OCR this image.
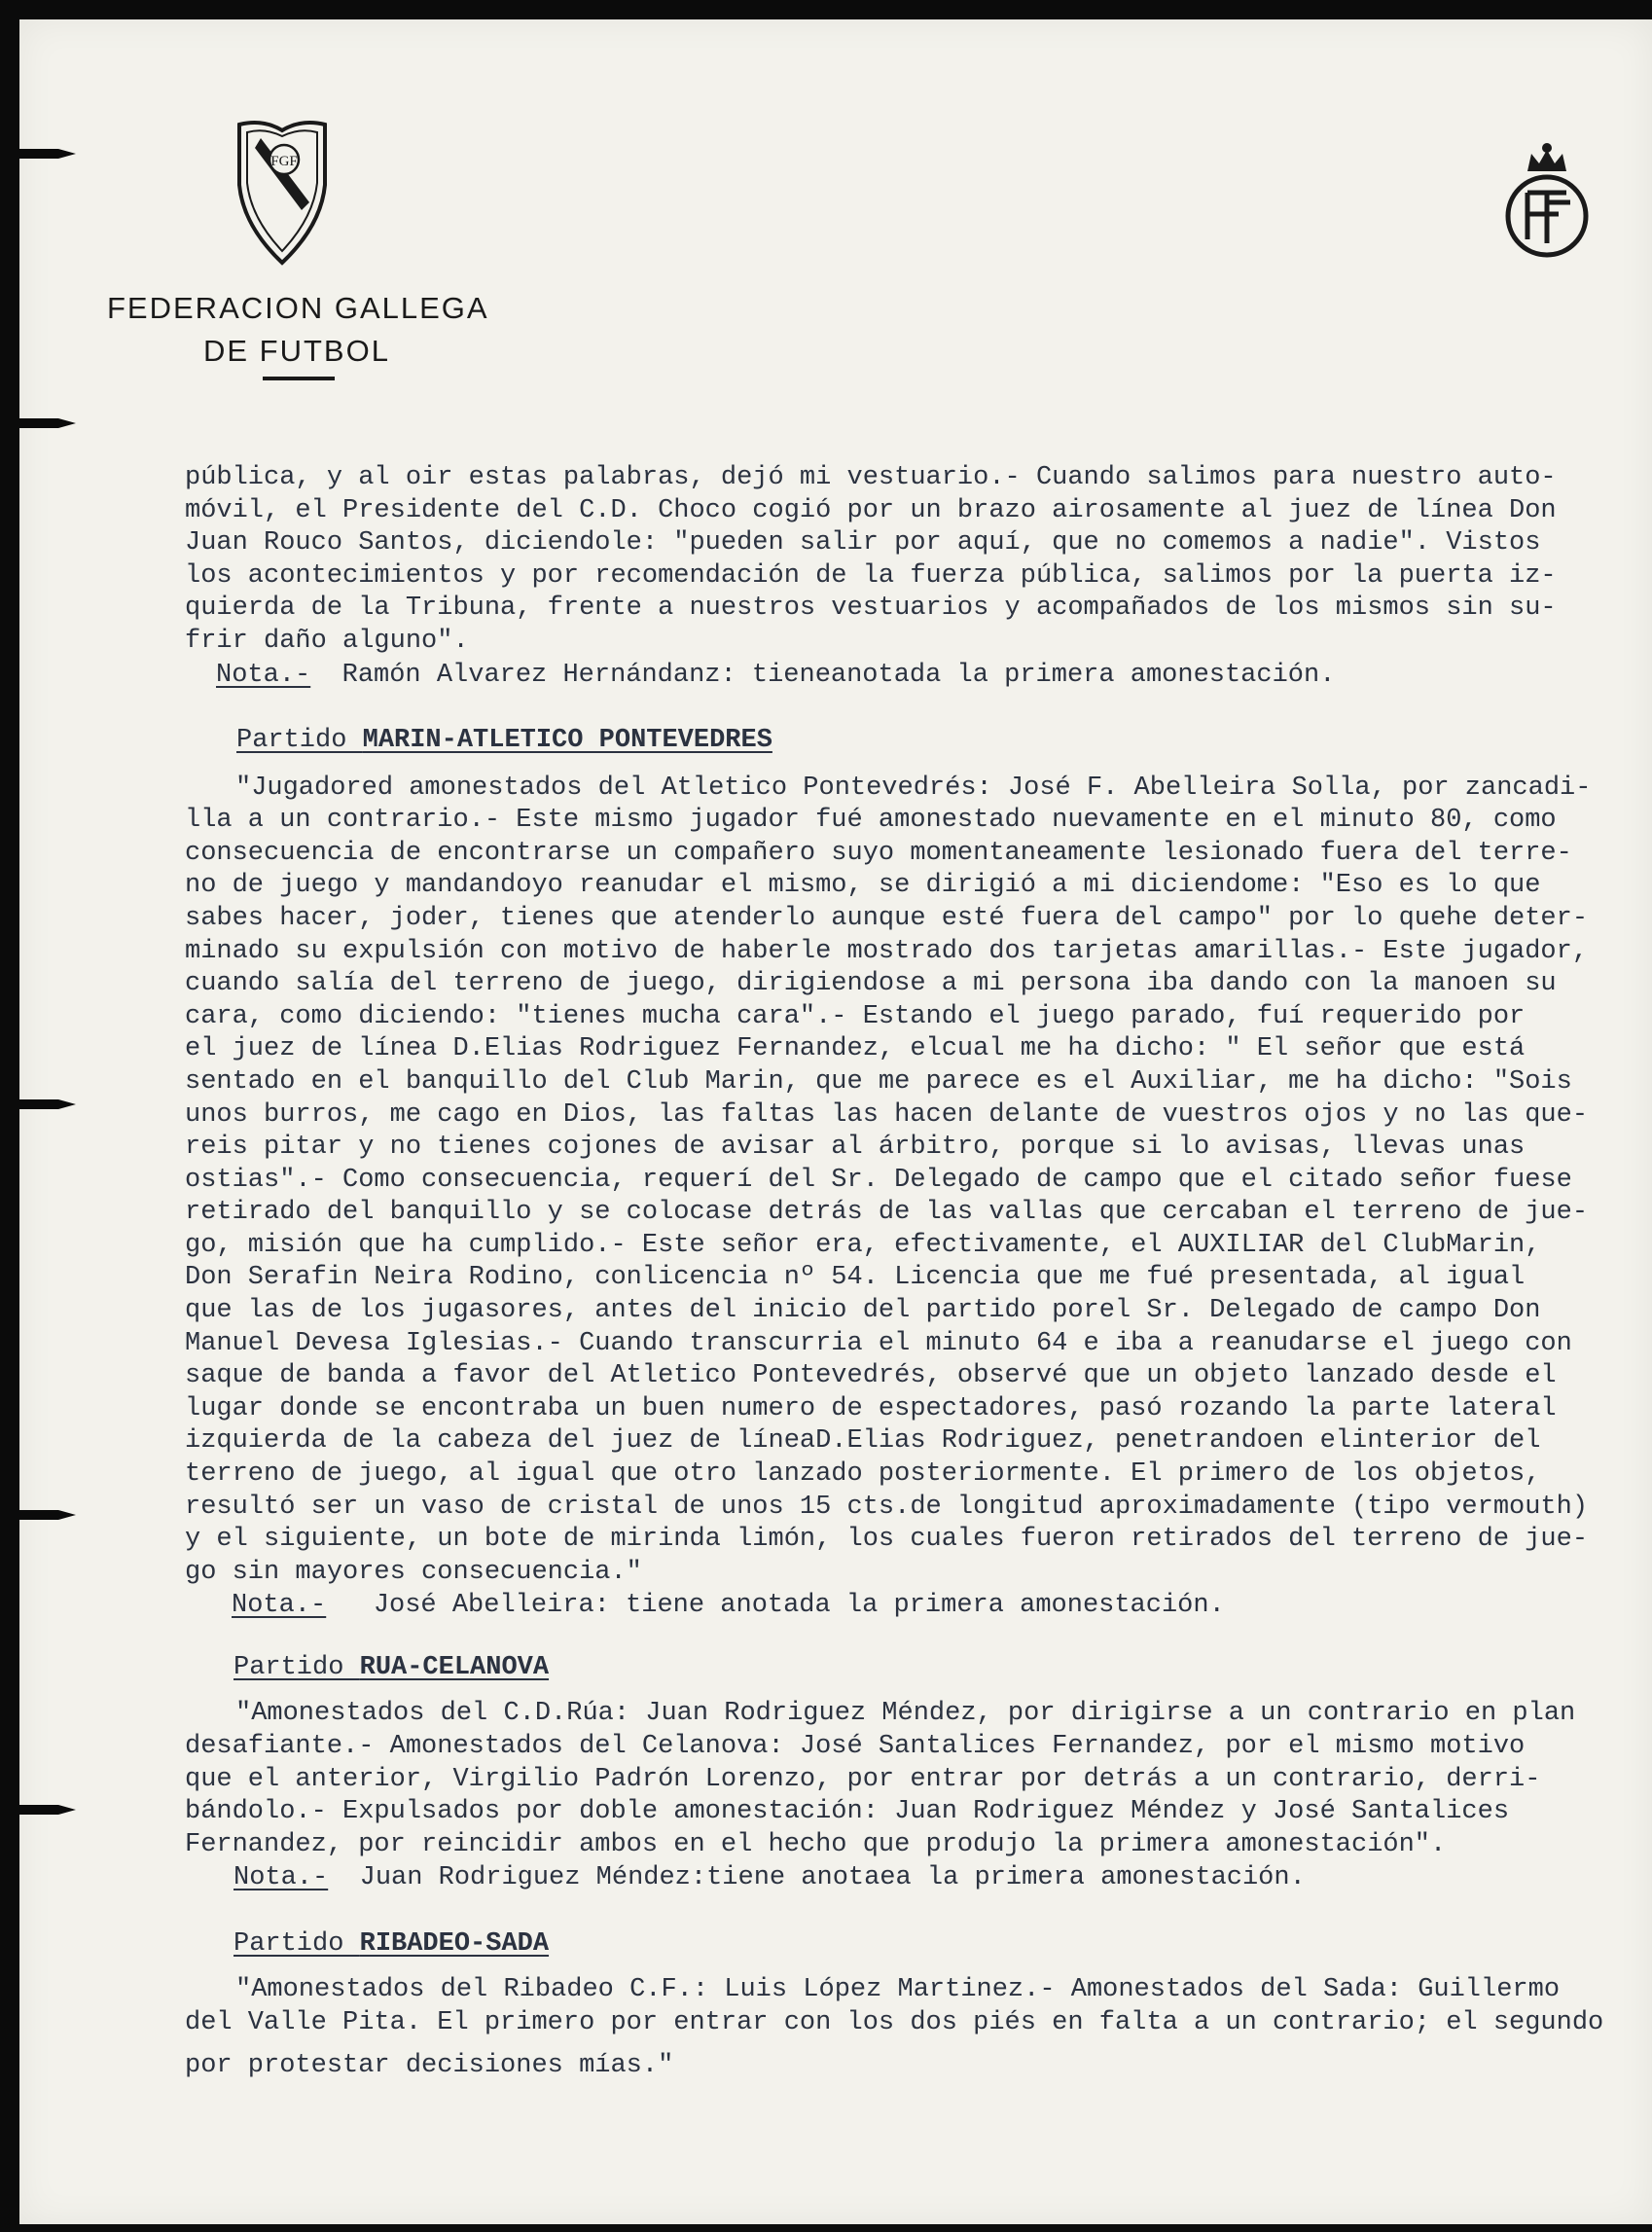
FGF
FEDERACION GALLEGA
DE FUTBOL

pública, y al oir estas palabras, dejó mi vestuario.- Cuando salimos para nuestro auto-

móvil, el Presidente del C.D. Choco cogió por un brazo airosamente al juez de línea Don

Juan Rouco Santos, diciendole: "pueden salir por aquí, que no comemos a nadie". Vistos

los acontecimientos y por recomendación de la fuerza pública, salimos por la puerta iz-

quierda de la Tribuna, frente a nuestros vestuarios y acompañados de los mismos sin su-

frir daño alguno".

Nota.-  Ramón Alvarez Hernándanz: tieneanotada la primera amonestación.

Partido MARIN-ATLETICO PONTEVEDRES

"Jugadored amonestados del Atletico Pontevedrés: José F. Abelleira Solla, por zancadi-

lla a un contrario.- Este mismo jugador fué amonestado nuevamente en el minuto 80, como

consecuencia de encontrarse un compañero suyo momentaneamente lesionado fuera del terre-

no de juego y mandandoyo reanudar el mismo, se dirigió a mi diciendome: "Eso es lo que

sabes hacer, joder, tienes que atenderlo aunque esté fuera del campo" por lo quehe deter-

minado su expulsión con motivo de haberle mostrado dos tarjetas amarillas.- Este jugador,

cuando salía del terreno de juego, dirigiendose a mi persona iba dando con la manoen su

cara, como diciendo: "tienes mucha cara".- Estando el juego parado, fuí requerido por

el juez de línea D.Elias Rodriguez Fernandez, elcual me ha dicho: " El señor que está

sentado en el banquillo del Club Marin, que me parece es el Auxiliar, me ha dicho: "Sois

unos burros, me cago en Dios, las faltas las hacen delante de vuestros ojos y no las que-

reis pitar y no tienes cojones de avisar al árbitro, porque si lo avisas, llevas unas

ostias".- Como consecuencia, requerí del Sr. Delegado de campo que el citado señor fuese

retirado del banquillo y se colocase detrás de las vallas que cercaban el terreno de jue-

go, misión que ha cumplido.- Este señor era, efectivamente, el AUXILIAR del ClubMarin,

Don Serafin Neira Rodino, conlicencia nº 54. Licencia que me fué presentada, al igual

que las de los jugasores, antes del inicio del partido porel Sr. Delegado de campo Don

Manuel Devesa Iglesias.- Cuando transcurria el minuto 64 e iba a reanudarse el juego con

saque de banda a favor del Atletico Pontevedrés, observé que un objeto lanzado desde el

lugar donde se encontraba un buen numero de espectadores, pasó rozando la parte lateral

izquierda de la cabeza del juez de líneaD.Elias Rodriguez, penetrandoen elinterior del

terreno de juego, al igual que otro lanzado posteriormente. El primero de los objetos,

resultó ser un vaso de cristal de unos 15 cts.de longitud aproximadamente (tipo vermouth)

y el siguiente, un bote de mirinda limón, los cuales fueron retirados del terreno de jue-

go sin mayores consecuencia."

Nota.-   José Abelleira: tiene anotada la primera amonestación.

Partido RUA-CELANOVA

"Amonestados del C.D.Rúa: Juan Rodriguez Méndez, por dirigirse a un contrario en plan

desafiante.- Amonestados del Celanova: José Santalices Fernandez, por el mismo motivo

que el anterior, Virgilio Padrón Lorenzo, por entrar por detrás a un contrario, derri-

bándolo.- Expulsados por doble amonestación: Juan Rodriguez Méndez y José Santalices

Fernandez, por reincidir ambos en el hecho que produjo la primera amonestación".

Nota.-  Juan Rodriguez Méndez:tiene anotaea la primera amonestación.

Partido RIBADEO-SADA

"Amonestados del Ribadeo C.F.: Luis López Martinez.- Amonestados del Sada: Guillermo

del Valle Pita. El primero por entrar con los dos piés en falta a un contrario; el segundo

por protestar decisiones mías."
